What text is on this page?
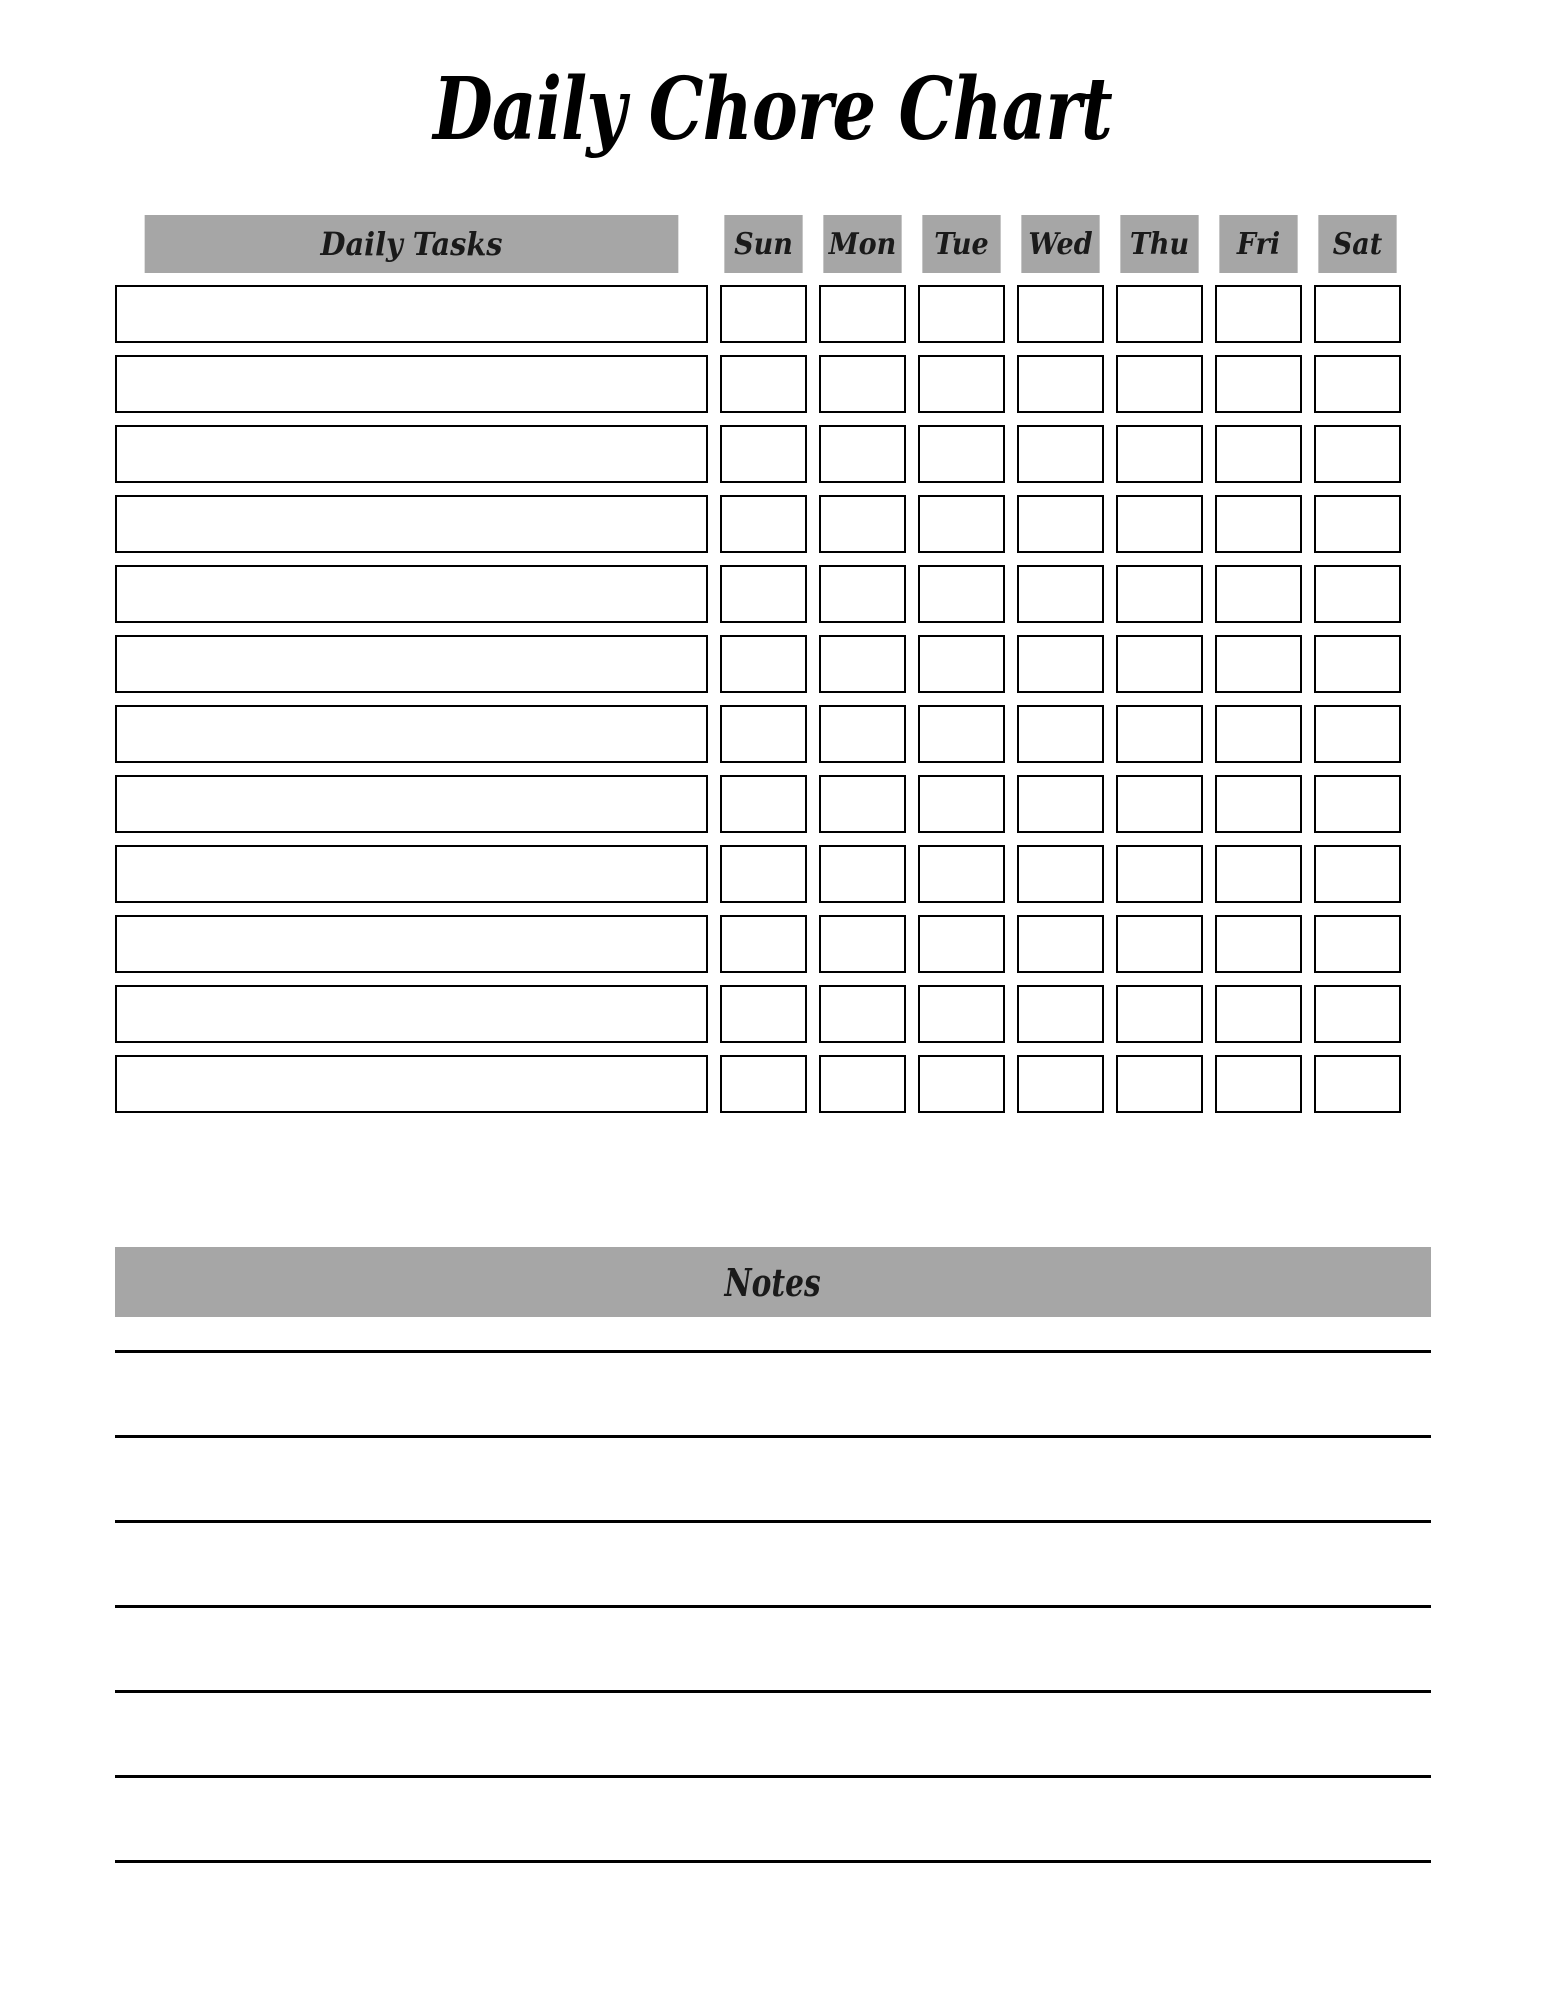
Daily Chore Chart
Daily Tasks	Sun	Mon	Tue	Wed	Thu	Fri	Sat
Notes
